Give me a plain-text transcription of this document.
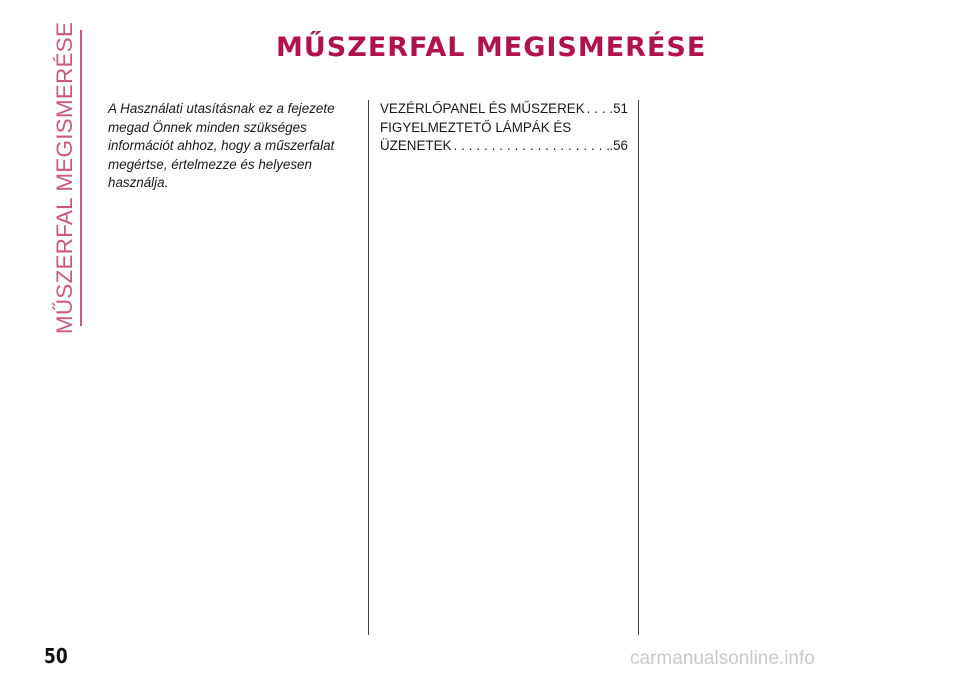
MŰSZERFAL MEGISMERÉSE	MŰSZERFAL MEGISMERÉSE

A Használati utasításnak ez a fejezete megad Önnek minden szükséges információt ahhoz, hogy a műszerfalat megértse, értelmezze és helyesen használja.

VEZÉRLŐPANEL ÉS MŰSZEREK . . . .51
FIGYELMEZTETŐ LÁMPÁK ÉS
ÜZENETEK . . .	.56

50	carmanualsonline.info
